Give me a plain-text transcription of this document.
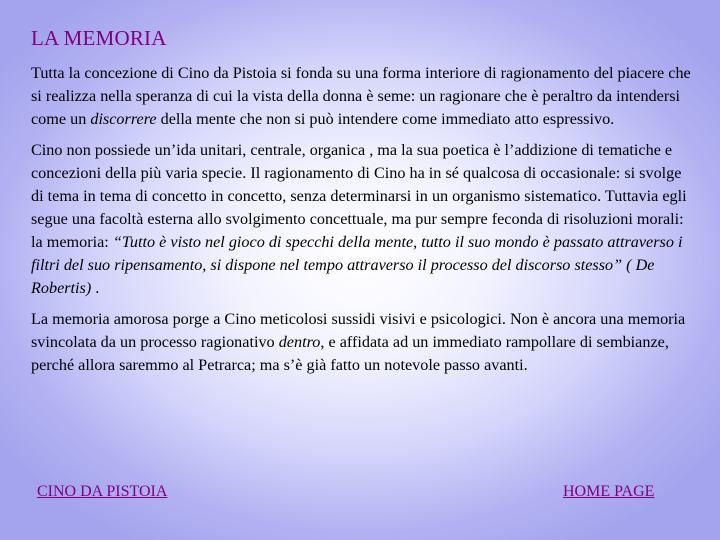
LA MEMORIA

Tutta la concezione di Cino da Pistoia si fonda su una forma interiore di ragionamento del piacere che si realizza nella speranza di cui la vista della donna è seme: un ragionare che è peraltro da intendersi come un discorrere della mente che non si può intendere come immediato atto espressivo.

Cino non possiede un’ida unitari, centrale, organica , ma la sua poetica è l’addizione di tematiche e concezioni della più varia specie. Il ragionamento di Cino ha in sé qualcosa di occasionale: si svolge di tema in tema di concetto in concetto, senza determinarsi in un organismo sistematico. Tuttavia egli segue una facoltà esterna allo svolgimento concettuale, ma pur sempre feconda di risoluzioni morali: la memoria: “Tutto è visto nel gioco di specchi della mente, tutto il suo mondo è passato attraverso i filtri del suo ripensamento, si dispone nel tempo attraverso il processo del discorso stesso” ( De Robertis) .

La memoria amorosa porge a Cino meticolosi sussidi visivi e psicologici. Non è ancora una memoria svincolata da un processo ragionativo dentro, e affidata ad un immediato rampollare di sembianze, perché allora saremmo al Petrarca; ma s’è già fatto un notevole passo avanti.

CINO DA PISTOIA	HOME PAGE
